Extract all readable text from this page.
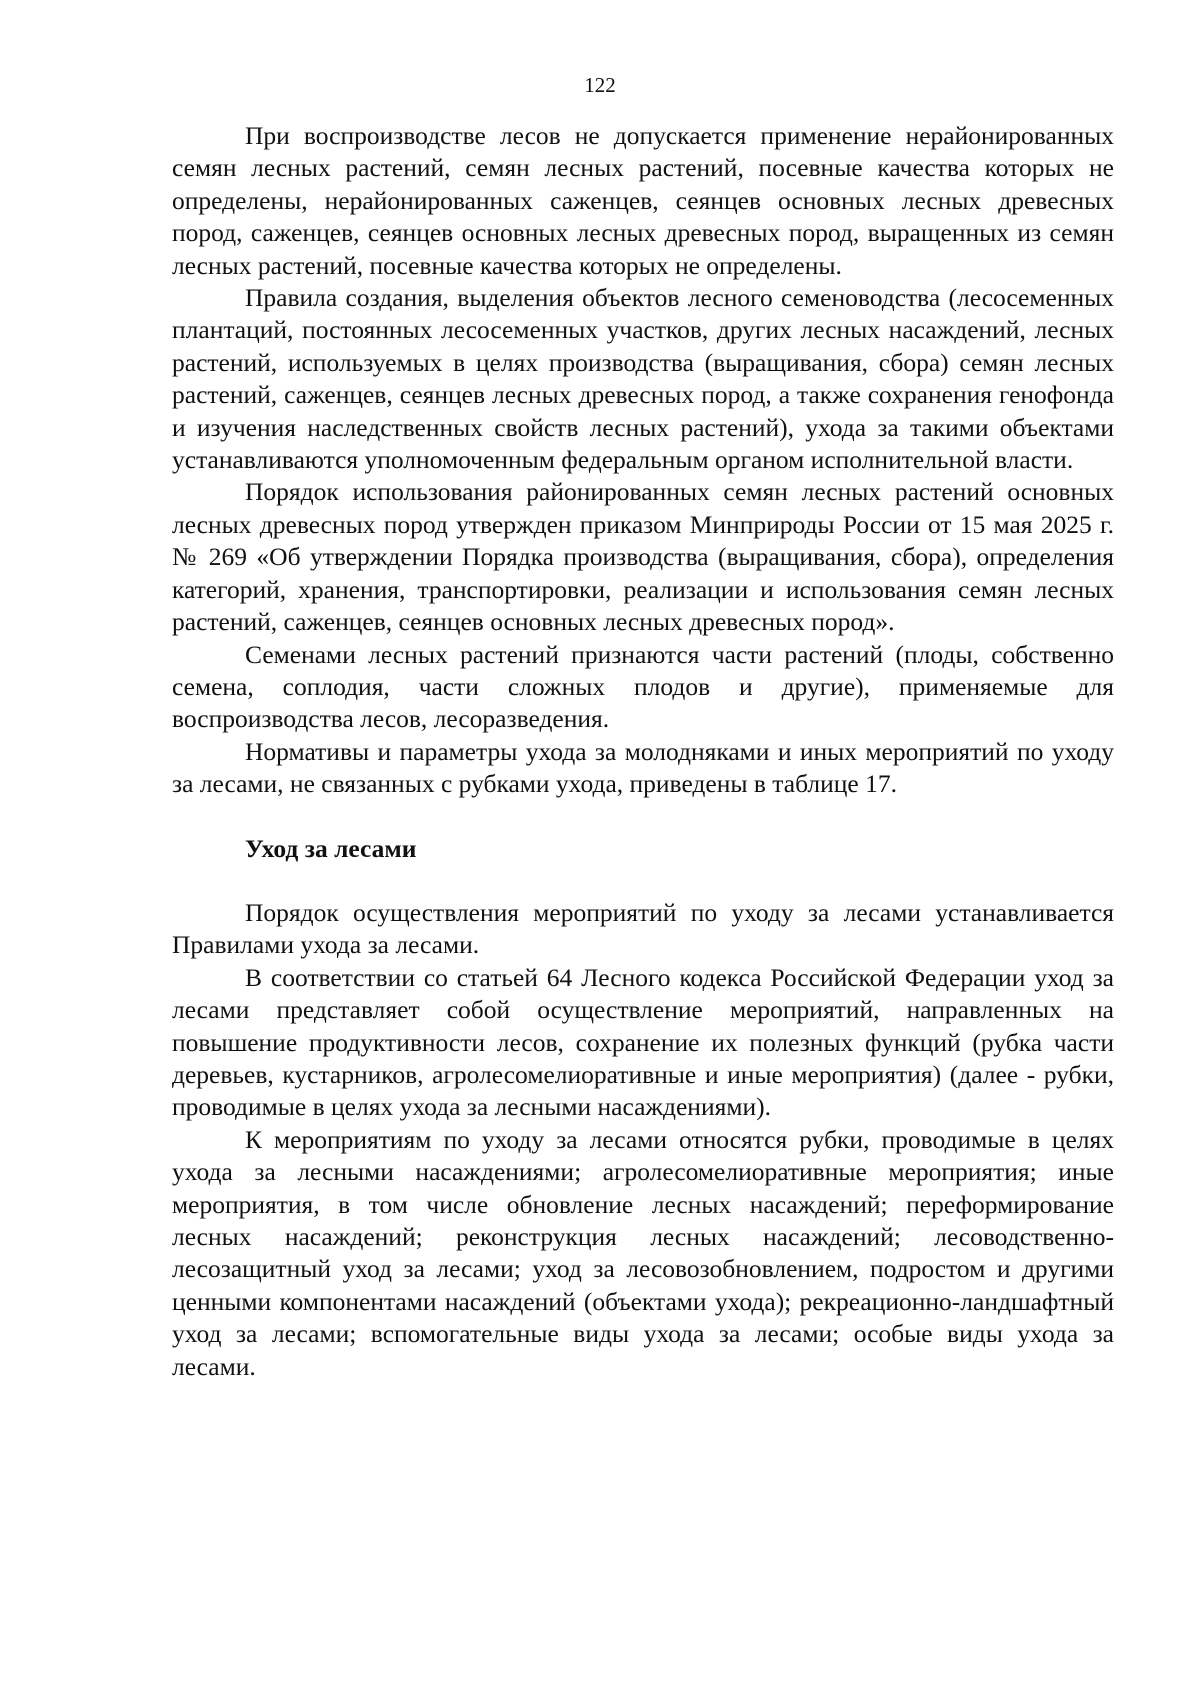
122

При воспроизводстве лесов не допускается применение нерайонированных семян лесных растений, семян лесных растений, посевные качества которых не определены, нерайонированных саженцев, сеянцев основных лесных древесных пород, саженцев, сеянцев основных лесных древесных пород, выращенных из семян лесных растений, посевные качества которых не определены.

Правила создания, выделения объектов лесного семеноводства (лесосеменных плантаций, постоянных лесосеменных участков, других лесных насаждений, лесных растений, используемых в целях производства (выращивания, сбора) семян лесных растений, саженцев, сеянцев лесных древесных пород, а также сохранения генофонда и изучения наследственных свойств лесных растений), ухода за такими объектами устанавливаются уполномоченным федеральным органом исполнительной власти.

Порядок использования районированных семян лесных растений основных лесных древесных пород утвержден приказом Минприроды России от 15 мая 2025 г. № 269 «Об утверждении Порядка производства (выращивания, сбора), определения категорий, хранения, транспортировки, реализации и использования семян лесных растений, саженцев, сеянцев основных лесных древесных пород».

Семенами лесных растений признаются части растений (плоды, собственно семена, соплодия, части сложных плодов и другие), применяемые для воспроизводства лесов, лесоразведения.

Нормативы и параметры ухода за молодняками и иных мероприятий по уходу за лесами, не связанных с рубками ухода, приведены в таблице 17.

Уход за лесами

Порядок осуществления мероприятий по уходу за лесами устанавливается Правилами ухода за лесами.

В соответствии со статьей 64 Лесного кодекса Российской Федерации уход за лесами представляет собой осуществление мероприятий, направленных на повышение продуктивности лесов, сохранение их полезных функций (рубка части деревьев, кустарников, агролесомелиоративные и иные мероприятия) (далее - рубки, проводимые в целях ухода за лесными насаждениями).

К мероприятиям по уходу за лесами относятся рубки, проводимые в целях ухода за лесными насаждениями; агролесомелиоративные мероприятия; иные мероприятия, в том числе обновление лесных насаждений; переформирование лесных насаждений; реконструкция лесных насаждений; лесоводственно-лесозащитный уход за лесами; уход за лесовозобновлением, подростом и другими ценными компонентами насаждений (объектами ухода); рекреационно-ландшафтный уход за лесами; вспомогательные виды ухода за лесами; особые виды ухода за лесами.
